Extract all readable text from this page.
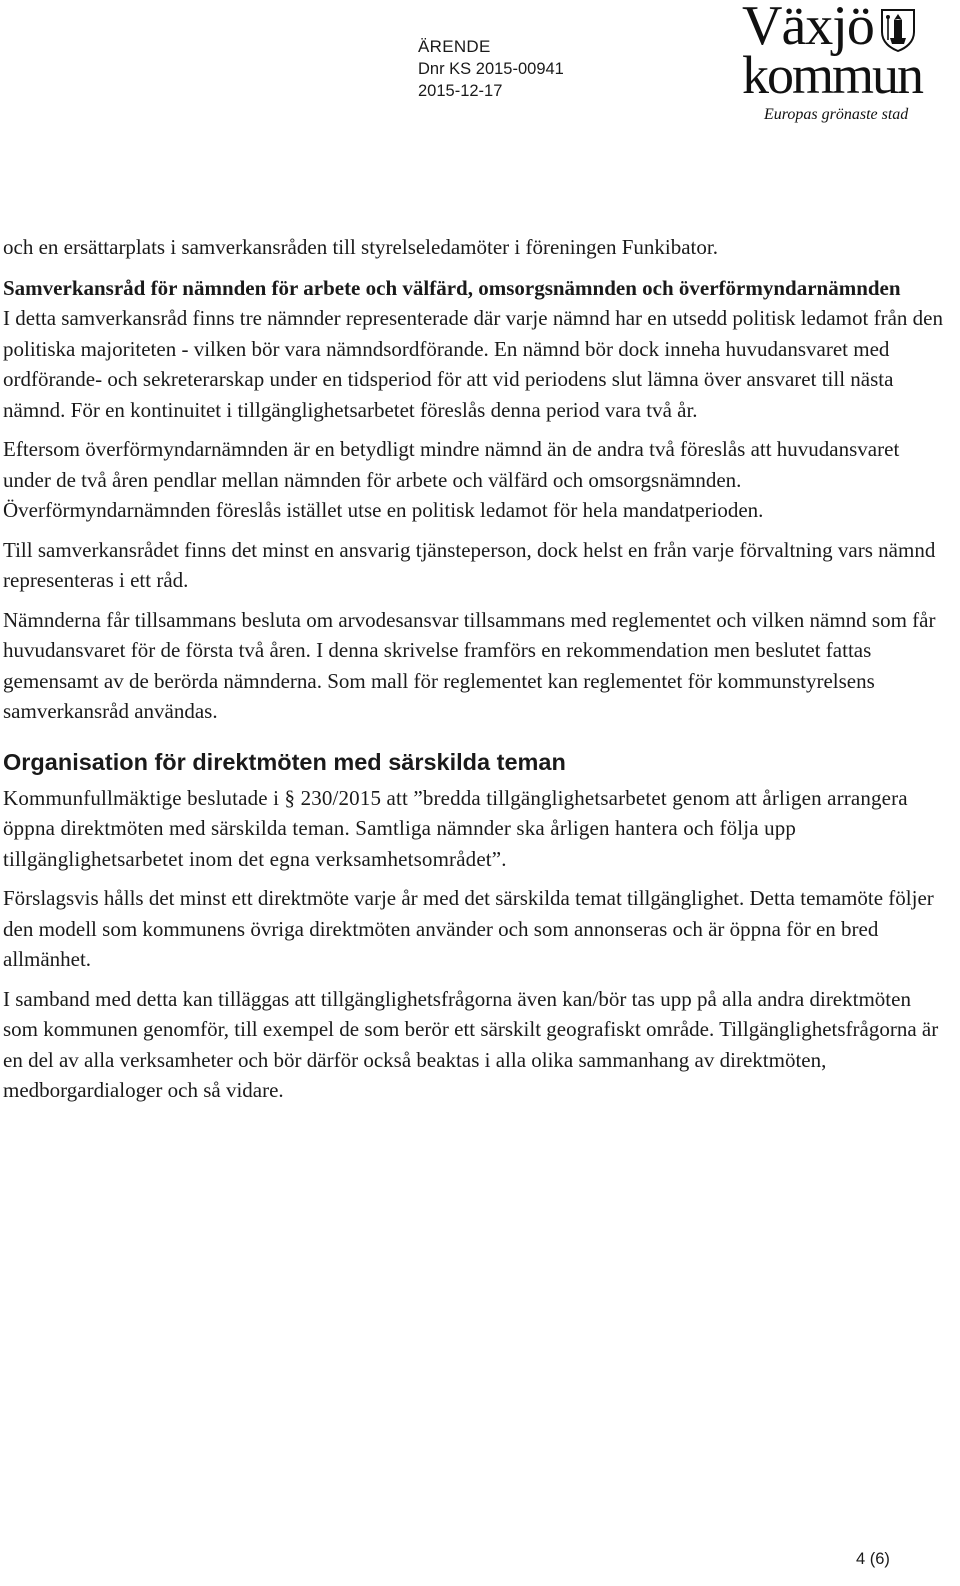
ÄRENDE
Dnr KS 2015-00941
2015-12-17
Växjö
kommun
Europas grönaste stad

och en ersättarplats i samverkansråden till styrelseledamöter i föreningen Funkibator.

Samverkansråd för nämnden för arbete och välfärd, omsorgsnämnden och överförmyndarnämnden

I detta samverkansråd finns tre nämnder representerade där varje nämnd har en utsedd politisk ledamot från den politiska majoriteten - vilken bör vara nämndsordförande. En nämnd bör dock inneha huvudansvaret med ordförande- och sekreterarskap under en tidsperiod för att vid periodens slut lämna över ansvaret till nästa nämnd. För en kontinuitet i tillgänglighetsarbetet föreslås denna period vara två år.

Eftersom överförmyndarnämnden är en betydligt mindre nämnd än de andra två föreslås att huvudansvaret under de två åren pendlar mellan nämnden för arbete och välfärd och omsorgsnämnden. Överförmyndarnämnden föreslås istället utse en politisk ledamot för hela mandatperioden.

Till samverkansrådet finns det minst en ansvarig tjänsteperson, dock helst en från varje förvaltning vars nämnd representeras i ett råd.

Nämnderna får tillsammans besluta om arvodesansvar tillsammans med reglementet och vilken nämnd som får huvudansvaret för de första två åren. I denna skrivelse framförs en rekommendation men beslutet fattas gemensamt av de berörda nämnderna. Som mall för reglementet kan reglementet för kommunstyrelsens samverkansråd användas.

Organisation för direktmöten med särskilda teman

Kommunfullmäktige beslutade i § 230/2015 att ”bredda tillgänglighetsarbetet genom att årligen arrangera öppna direktmöten med särskilda teman. Samtliga nämnder ska årligen hantera och följa upp tillgänglighetsarbetet inom det egna verksamhetsområdet”.

Förslagsvis hålls det minst ett direktmöte varje år med det särskilda temat tillgänglighet. Detta temamöte följer den modell som kommunens övriga direktmöten använder och som annonseras och är öppna för en bred allmänhet.

I samband med detta kan tilläggas att tillgänglighetsfrågorna även kan/bör tas upp på alla andra direktmöten som kommunen genomför, till exempel de som berör ett särskilt geografiskt område. Tillgänglighetsfrågorna är en del av alla verksamheter och bör därför också beaktas i alla olika sammanhang av direktmöten, medborgardialoger och så vidare.

4 (6)
